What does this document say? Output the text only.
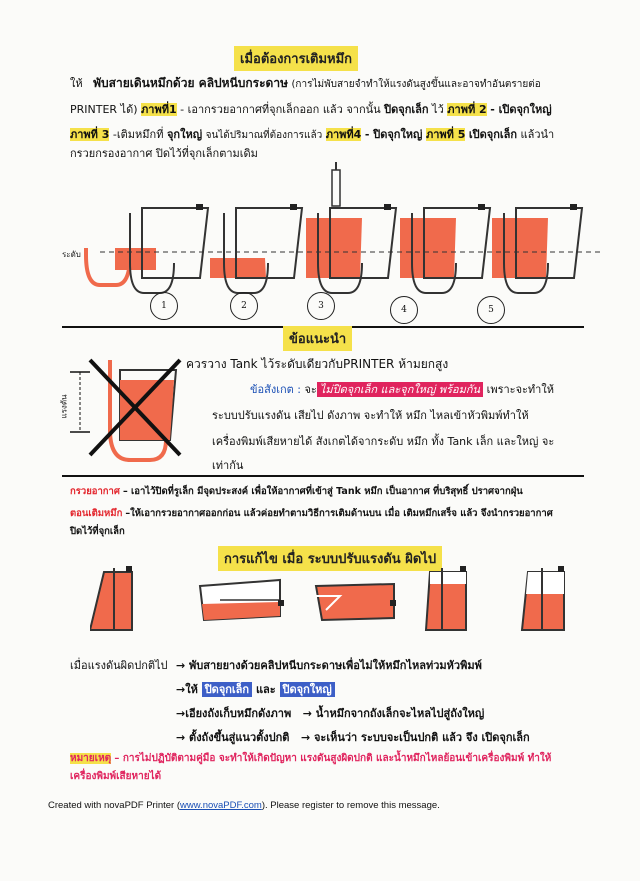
เมื่อต้องการเติมหมึก
ให้ พับสายเดินหมึกด้วย คลิปหนีบกระดาษ (การไม่พับสายจำทำให้แรงดันสูงขึ้นและอาจทำอันตรายต่อ
PRINTER ได้) ภาพที่1 - เอากรวยอากาศที่จุกเล็กออก แล้ว จากนั้น ปิดจุกเล็ก ไว้ ภาพที่ 2 - เปิดจุกใหญ่
ภาพที่ 3 -เติมหมึกที่ จุกใหญ่ จนได้ปริมาณที่ต้องการแล้ว ภาพที่4 - ปิดจุกใหญ่ ภาพที่ 5 เปิดจุกเล็ก แล้วนำ
กรวยกรองอากาศ ปิดไว้ที่จุกเล็กตามเดิม
ระดับ
1	2	3	4	5
ข้อแนะนำ
แรงดัน
ควรวาง Tank ไว้ระดับเดียวกับPRINTER ห้ามยกสูง
ข้อสังเกต : จะ ไม่ปิดจุกเล็ก และจุกใหญ่ พร้อมกัน เพราะจะทำให้
ระบบปรับแรงดัน เสียไป ดังภาพ จะทำให้ หมึก ไหลเข้าหัวพิมพ์ทำให้
เครื่องพิมพ์เสียหายได้ สังเกตได้จากระดับ หมึก ทั้ง Tank เล็ก และใหญ่ จะ
เท่ากัน
กรวยอากาศ – เอาไว้ปิดที่รูเล็ก มีจุดประสงค์ เพื่อให้อากาศที่เข้าสู่ Tank หมึก เป็นอากาศ ที่บริสุทธิ์ ปราศจากฝุ่น
ตอนเติมหมึก –ให้เอากรวยอากาศออกก่อน แล้วค่อยทำตามวิธีการเติมด้านบน เมื่อ เติมหมึกเสร็จ แล้ว จึงนำกรวยอากาศ
ปิดไว้ที่จุกเล็ก
การแก้ไข เมื่อ ระบบปรับแรงดัน ผิดไป
เมื่อแรงดันผิดปกติไป → พับสายยางด้วยคลิปหนีบกระดาษเพื่อไม่ให้หมึกไหลท่วมหัวพิมพ์
→ให้ ปิดจุกเล็ก และ ปิดจุกใหญ่
→เอียงถังเก็บหมึกดังภาพ → น้ำหมึกจากถังเล็กจะไหลไปสู่ถังใหญ่
→ ตั้งถังขึ้นสู่แนวตั้งปกติ → จะเห็นว่า ระบบจะเป็นปกติ แล้ว จึง เปิดจุกเล็ก
หมายเหตุ – การไม่ปฏิบัติตามคู่มือ จะทำให้เกิดปัญหา แรงดันสูงผิดปกติ และน้ำหมึกไหลย้อนเข้าเครื่องพิมพ์ ทำให้
เครื่องพิมพ์เสียหายได้
Created with novaPDF Printer (www.novaPDF.com). Please register to remove this message.
